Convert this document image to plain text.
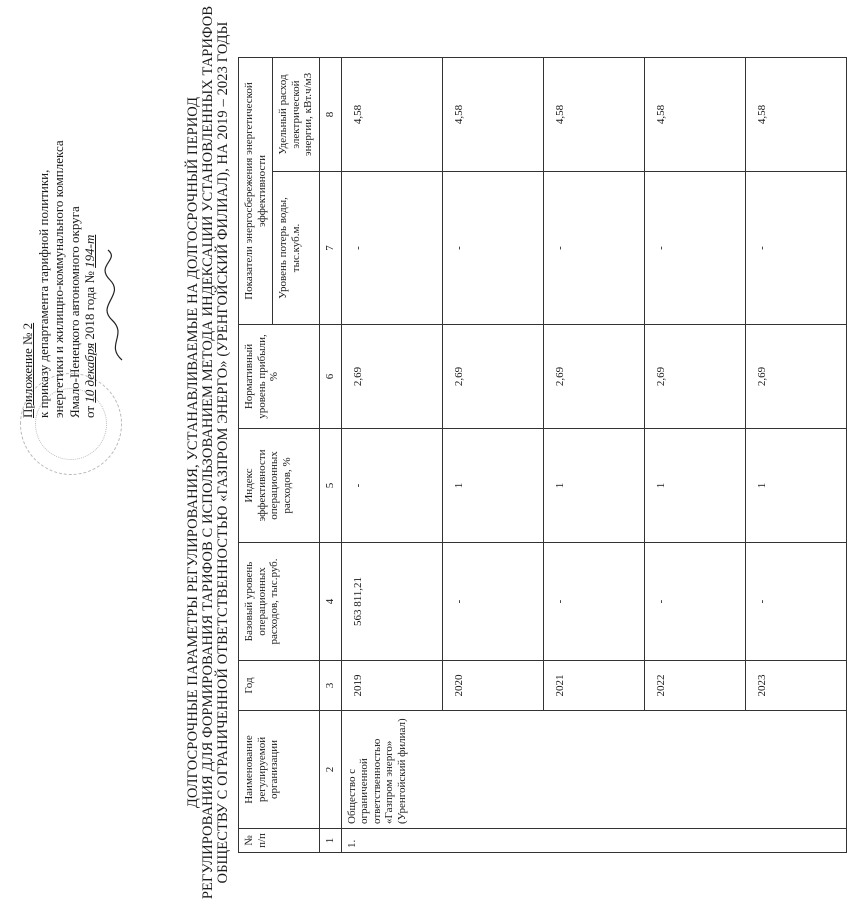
Приложение № 2 к приказу департамента тарифной политики, энергетики и жилищно-коммунального комплекса Ямало-Ненецкого автономного округа от 10 декабря 2018 года № 194-т	ДОЛГОСРОЧНЫЕ ПАРАМЕТРЫ РЕГУЛИРОВАНИЯ, УСТАНАВЛИВАЕМЫЕ НА ДОЛГОСРОЧНЫЙ ПЕРИОД РЕГУЛИРОВАНИЯ ДЛЯ ФОРМИРОВАНИЯ ТАРИФОВ С ИСПОЛЬЗОВАНИЕМ МЕТОДА ИНДЕКСАЦИИ УСТАНОВЛЕННЫХ ТАРИФОВ ОБЩЕСТВУ С ОГРАНИЧЕННОЙ ОТВЕТСТВЕННОСТЬЮ «ГАЗПРОМ ЭНЕРГО» (УРЕНГОЙСКИЙ ФИЛИАЛ), НА 2019 – 2023 ГОДЫ № п/п	Наименование регулируемой организации	Год	Базовый уровень операционных расходов, тыс.руб.	Индекс эффективности операционных расходов, %	Нормативный уровень прибыли, %	Показатели энергосбережения энергетической эффективности	
						Уровень потерь воды, тыс.куб.м.	Удельный расход электрической энергии, кВт.ч/м3
1	2	3	4	5	6	7	8
1.	Общество с ограниченной ответственностью «Газпром энерго» (Уренгойский филиал)	2019	563 811,21	-	2,69	-	4,58
		2020	-	1	2,69	-	4,58
		2021	-	1	2,69	-	4,58
		2022	-	1	2,69	-	4,58
		2023	-	1	2,69	-	4,58
